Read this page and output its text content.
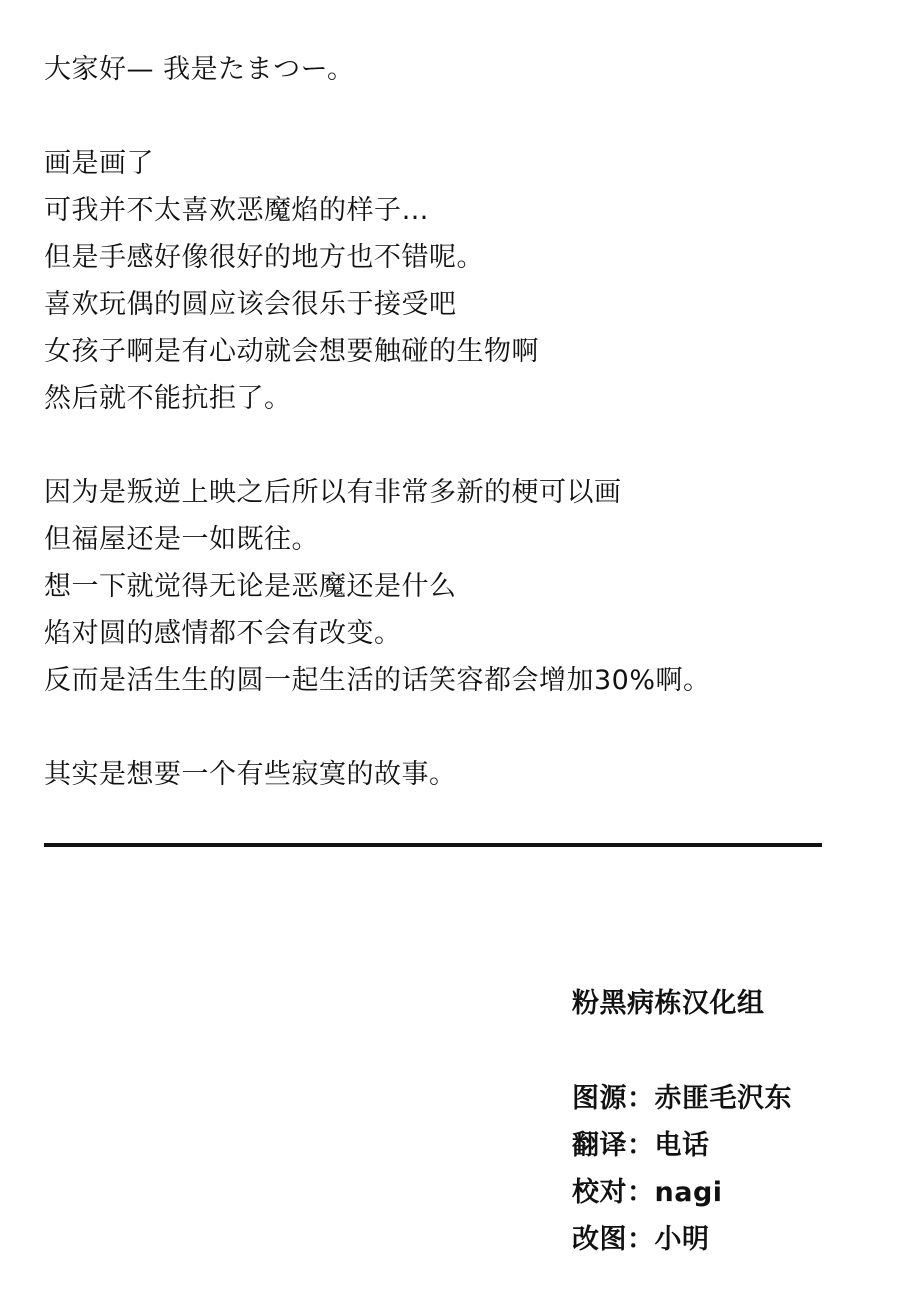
大家好— 我是たまつー。
画是画了
可我并不太喜欢恶魔焰的样子…
但是手感好像很好的地方也不错呢。
喜欢玩偶的圆应该会很乐于接受吧
女孩子啊是有心动就会想要触碰的生物啊
然后就不能抗拒了。
因为是叛逆上映之后所以有非常多新的梗可以画
但福屋还是一如既往。
想一下就觉得无论是恶魔还是什么
焰对圆的感情都不会有改变。
反而是活生生的圆一起生活的话笑容都会增加30%啊。
其实是想要一个有些寂寞的故事。
粉黑病栋汉化组
图源：赤匪毛沢东
翻译：电话
校对：nagi
改图：小明
